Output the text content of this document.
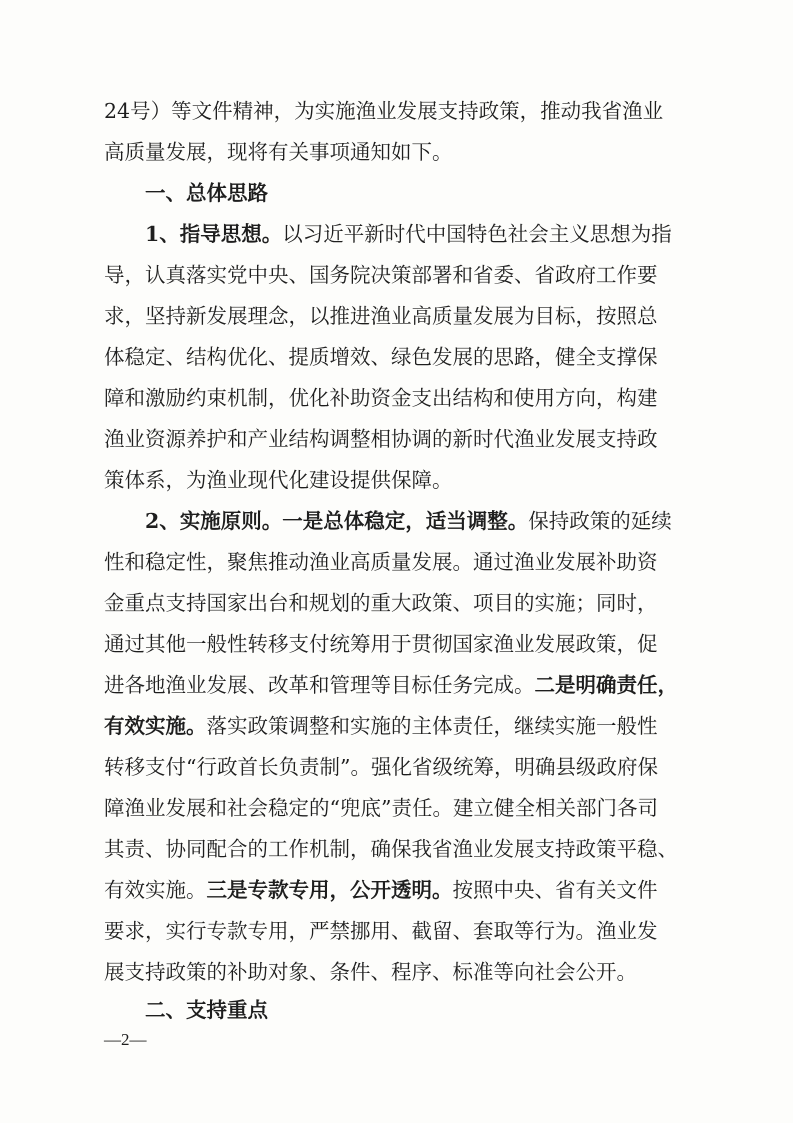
24号）等文件精神，为实施渔业发展支持政策，推动我省渔业
高质量发展，现将有关事项通知如下。
一、总体思路
1、指导思想。以习近平新时代中国特色社会主义思想为指
导，认真落实党中央、国务院决策部署和省委、省政府工作要
求，坚持新发展理念，以推进渔业高质量发展为目标，按照总
体稳定、结构优化、提质增效、绿色发展的思路，健全支撑保
障和激励约束机制，优化补助资金支出结构和使用方向，构建
渔业资源养护和产业结构调整相协调的新时代渔业发展支持政
策体系，为渔业现代化建设提供保障。
2、实施原则。一是总体稳定，适当调整。保持政策的延续
性和稳定性，聚焦推动渔业高质量发展。通过渔业发展补助资
金重点支持国家出台和规划的重大政策、项目的实施；同时，
通过其他一般性转移支付统筹用于贯彻国家渔业发展政策，促
进各地渔业发展、改革和管理等目标任务完成。二是明确责任，
有效实施。落实政策调整和实施的主体责任，继续实施一般性
转移支付“行政首长负责制”。强化省级统筹，明确县级政府保
障渔业发展和社会稳定的“兜底”责任。建立健全相关部门各司
其责、协同配合的工作机制，确保我省渔业发展支持政策平稳、
有效实施。三是专款专用，公开透明。按照中央、省有关文件
要求，实行专款专用，严禁挪用、截留、套取等行为。渔业发
展支持政策的补助对象、条件、程序、标准等向社会公开。
二、支持重点
—2—
